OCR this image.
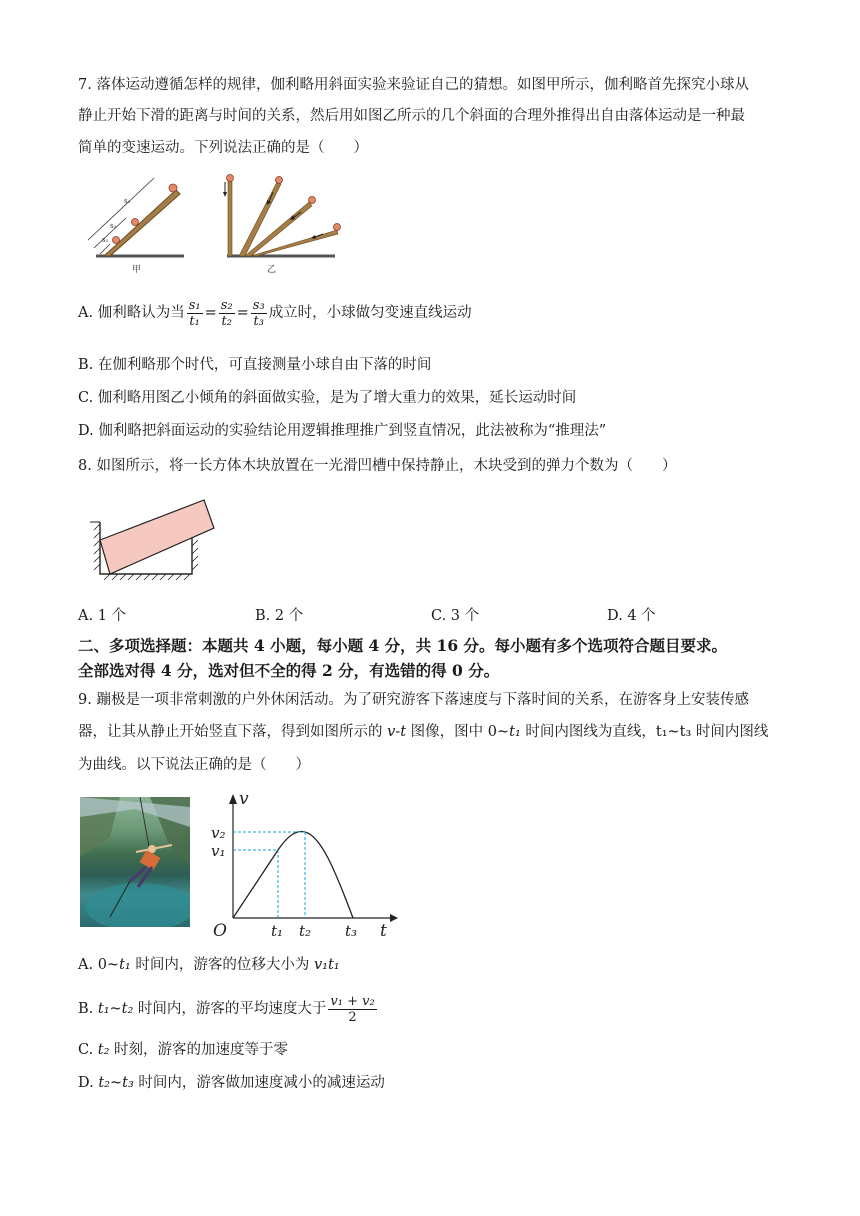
7. 落体运动遵循怎样的规律，伽利略用斜面实验来验证自己的猜想。如图甲所示，伽利略首先探究小球从
静止开始下滑的距离与时间的关系，然后用如图乙所示的几个斜面的合理外推得出自由落体运动是一种最
简单的变速运动。下列说法正确的是（　　）
s₃
s₂
s₁
甲	乙
A. 伽利略认为当 $\frac{\text{s₁}}{\text{t₁}} = \frac{\text{s₂}}{\text{t₂}} = \frac{\text{s₃}}{\text{t₃}}$ 成立时，小球做匀变速直线运动
B. 在伽利略那个时代，可直接测量小球自由下落的时间
C. 伽利略用图乙小倾角的斜面做实验，是为了增大重力的效果，延长运动时间
D. 伽利略把斜面运动的实验结论用逻辑推理推广到竖直情况，此法被称为“推理法”
8. 如图所示，将一长方体木块放置在一光滑凹槽中保持静止，木块受到的弹力个数为（　　）
A. 1 个	B. 2 个	C. 3 个	D. 4 个
二、多项选择题：本题共 4 小题，每小题 4 分，共 16 分。每小题有多个选项符合题目要求。
全部选对得 4 分，选对但不全的得 2 分，有选错的得 0 分。
9. 蹦极是一项非常刺激的户外休闲活动。为了研究游客下落速度与下落时间的关系，在游客身上安装传感
器，让其从静止开始竖直下落，得到如图所示的 v-t 图像，图中 0~t₁ 时间内图线为直线，t₁~t₃ 时间内图线
为曲线。以下说法正确的是（　　）
v
t
O
v₂
v₁
t₁ t₂ t₃
A. 0~t₁ 时间内，游客的位移大小为 v₁t₁
B. t₁~t₂ 时间内，游客的平均速度大于 $\frac{\text{v₁ + v₂}}{2}$
C. t₂ 时刻，游客的加速度等于零
D. t₂~t₃ 时间内，游客做加速度减小的减速运动
